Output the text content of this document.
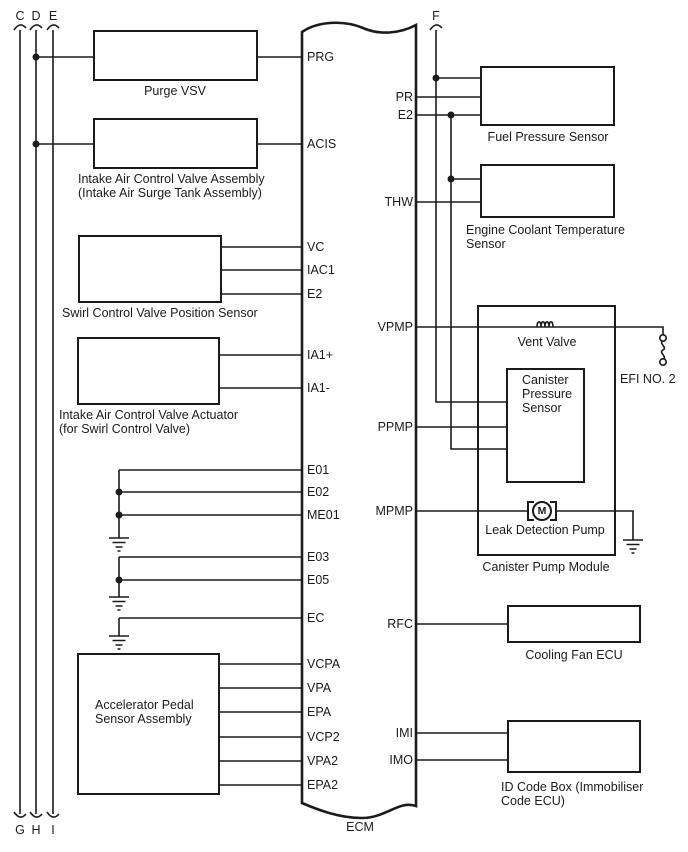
C D E	F
G H I
PRG
ACIS
VC
IAC1
E2
IA1+
IA1-
E01
E02
ME01
E03
E05
EC
VCPA
VPA
EPA
VCP2
VPA2
EPA2
PR
E2
THW
VPMP
PPMP
MPMP
RFC
IMI
IMO
Purge VSV
Intake Air Control Valve Assembly
(Intake Air Surge Tank Assembly)
Swirl Control Valve Position Sensor
Intake Air Control Valve Actuator
(for Swirl Control Valve)
Accelerator Pedal
Sensor Assembly
Fuel Pressure Sensor
Engine Coolant Temperature
Sensor
Vent Valve
Canister
Pressure
Sensor
EFI NO. 2
M
Leak Detection Pump
Canister Pump Module
Cooling Fan ECU
ID Code Box (Immobiliser
Code ECU)
ECM
